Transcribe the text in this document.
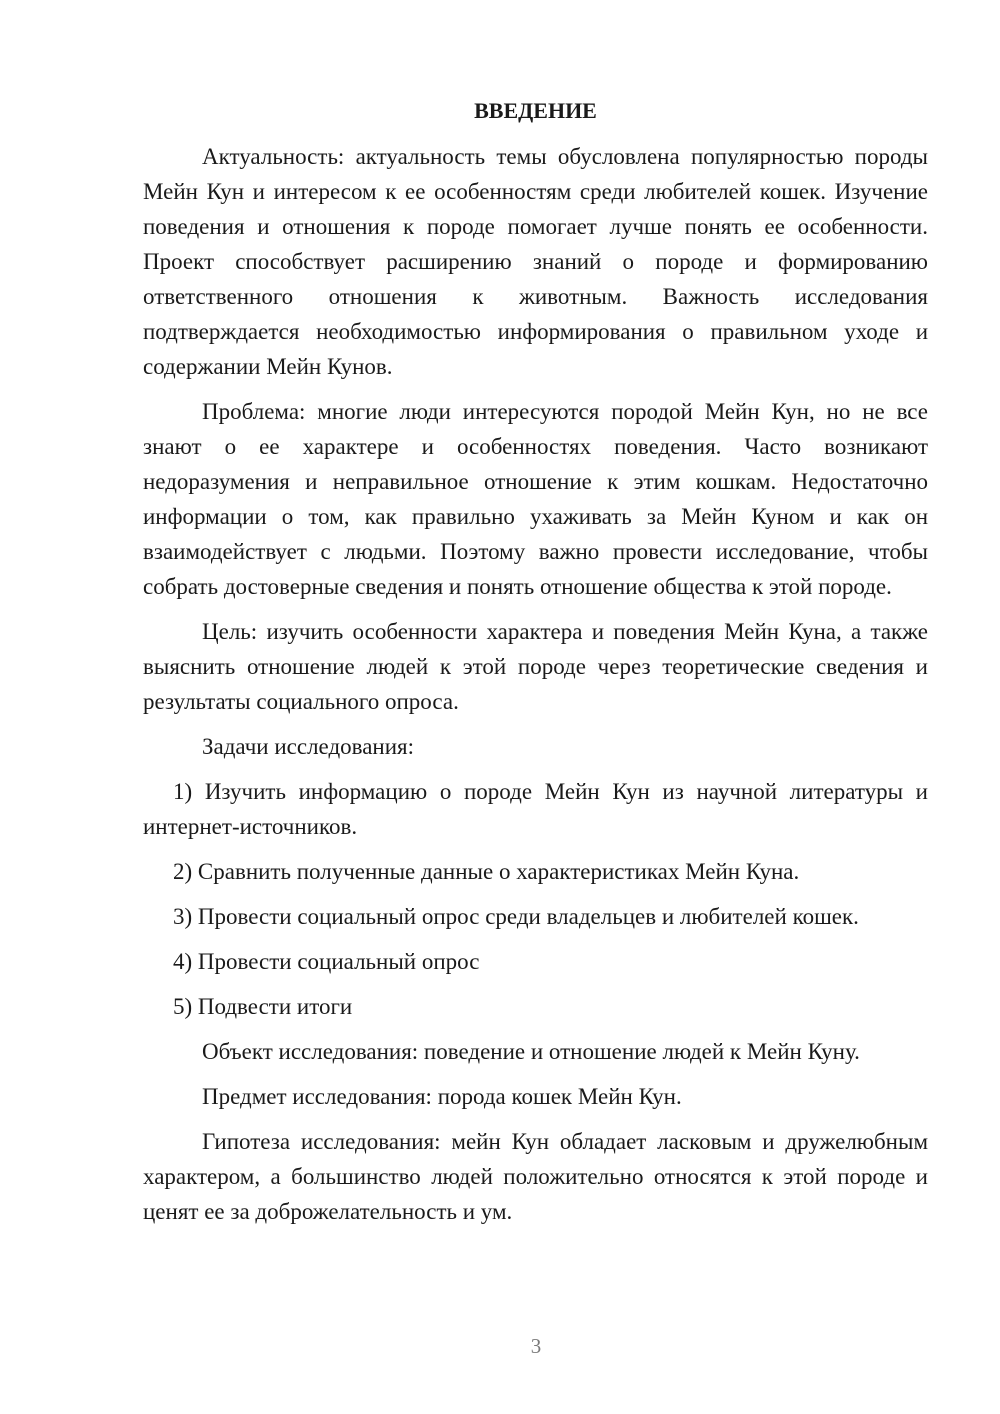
ВВЕДЕНИЕ

Актуальность: актуальность темы обусловлена популярностью породы Мейн Кун и интересом к ее особенностям среди любителей кошек. Изучение поведения и отношения к породе помогает лучше понять ее особенности. Проект способствует расширению знаний о породе и формированию ответственного отношения к животным. Важность исследования подтверждается необходимостью информирования о правильном уходе и содержании Мейн Кунов.

Проблема: многие люди интересуются породой Мейн Кун, но не все знают о ее характере и особенностях поведения. Часто возникают недоразумения и неправильное отношение к этим кошкам. Недостаточно информации о том, как правильно ухаживать за Мейн Куном и как он взаимодействует с людьми. Поэтому важно провести исследование, чтобы собрать достоверные сведения и понять отношение общества к этой породе.

Цель: изучить особенности характера и поведения Мейн Куна, а также выяснить отношение людей к этой породе через теоретические сведения и результаты социального опроса.

Задачи исследования:

1) Изучить информацию о породе Мейн Кун из научной литературы и интернет-источников.

2) Сравнить полученные данные о характеристиках Мейн Куна.

3) Провести социальный опрос среди владельцев и любителей кошек.

4) Провести социальный опрос

5) Подвести итоги

Объект исследования: поведение и отношение людей к Мейн Куну.

Предмет исследования: порода кошек Мейн Кун.

Гипотеза исследования: мейн Кун обладает ласковым и дружелюбным характером, а большинство людей положительно относятся к этой породе и ценят ее за доброжелательность и ум.

3
